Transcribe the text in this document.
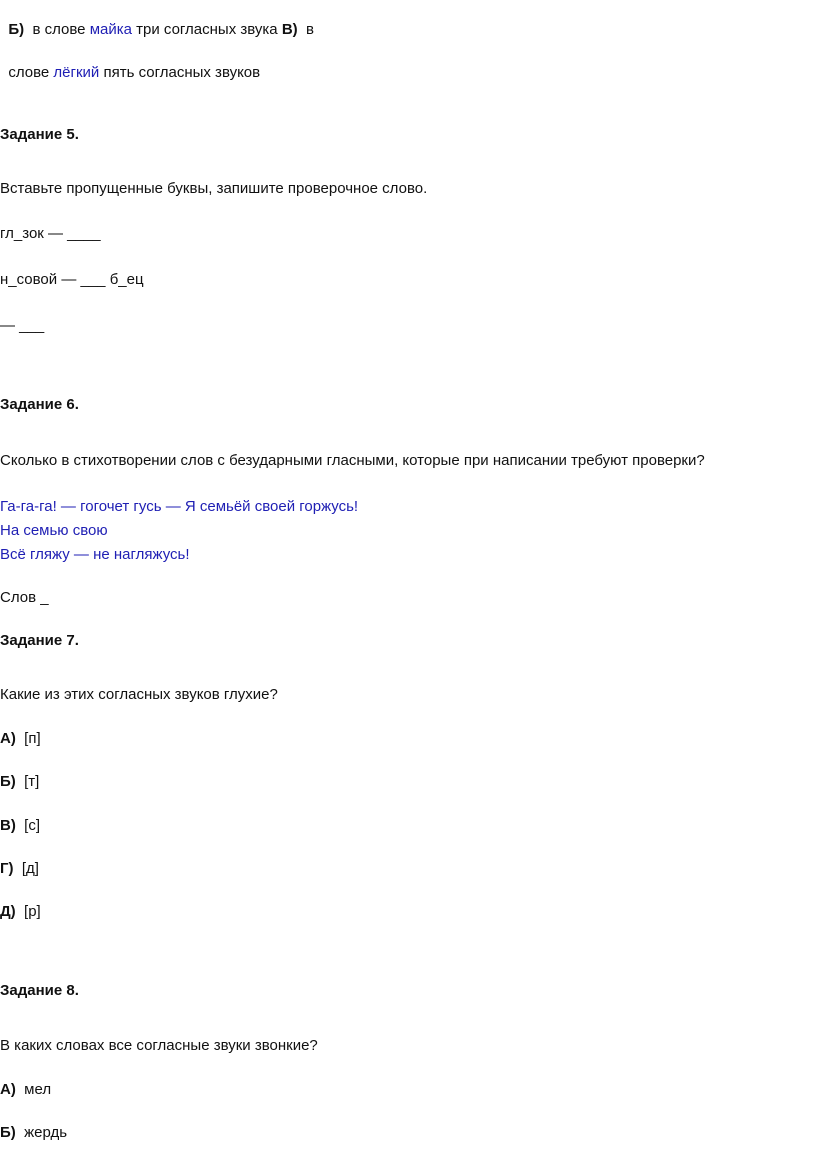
Б) в слове майка три согласных звука В) в

слове лёгкий пять согласных звуков

Задание 5.
Вставьте пропущенные буквы, запишите проверочное слово.
гл_зок — ____
н_совой — ___ б_ец
— ___
Задание 6.
Сколько в стихотворении слов с безударными гласными, которые при написании требуют проверки?
Га-га-га! — гогочет гусь — Я семьёй своей горжусь!
На семью свою
Всё гляжу — не нагляжусь!
Слов _
Задание 7.
Какие из этих согласных звуков глухие?
А) [п]
Б) [т]
В) [с]
Г) [д]
Д) [р]
Задание 8.
В каких словах все согласные звуки звонкие?
А) мел
Б) жердь
